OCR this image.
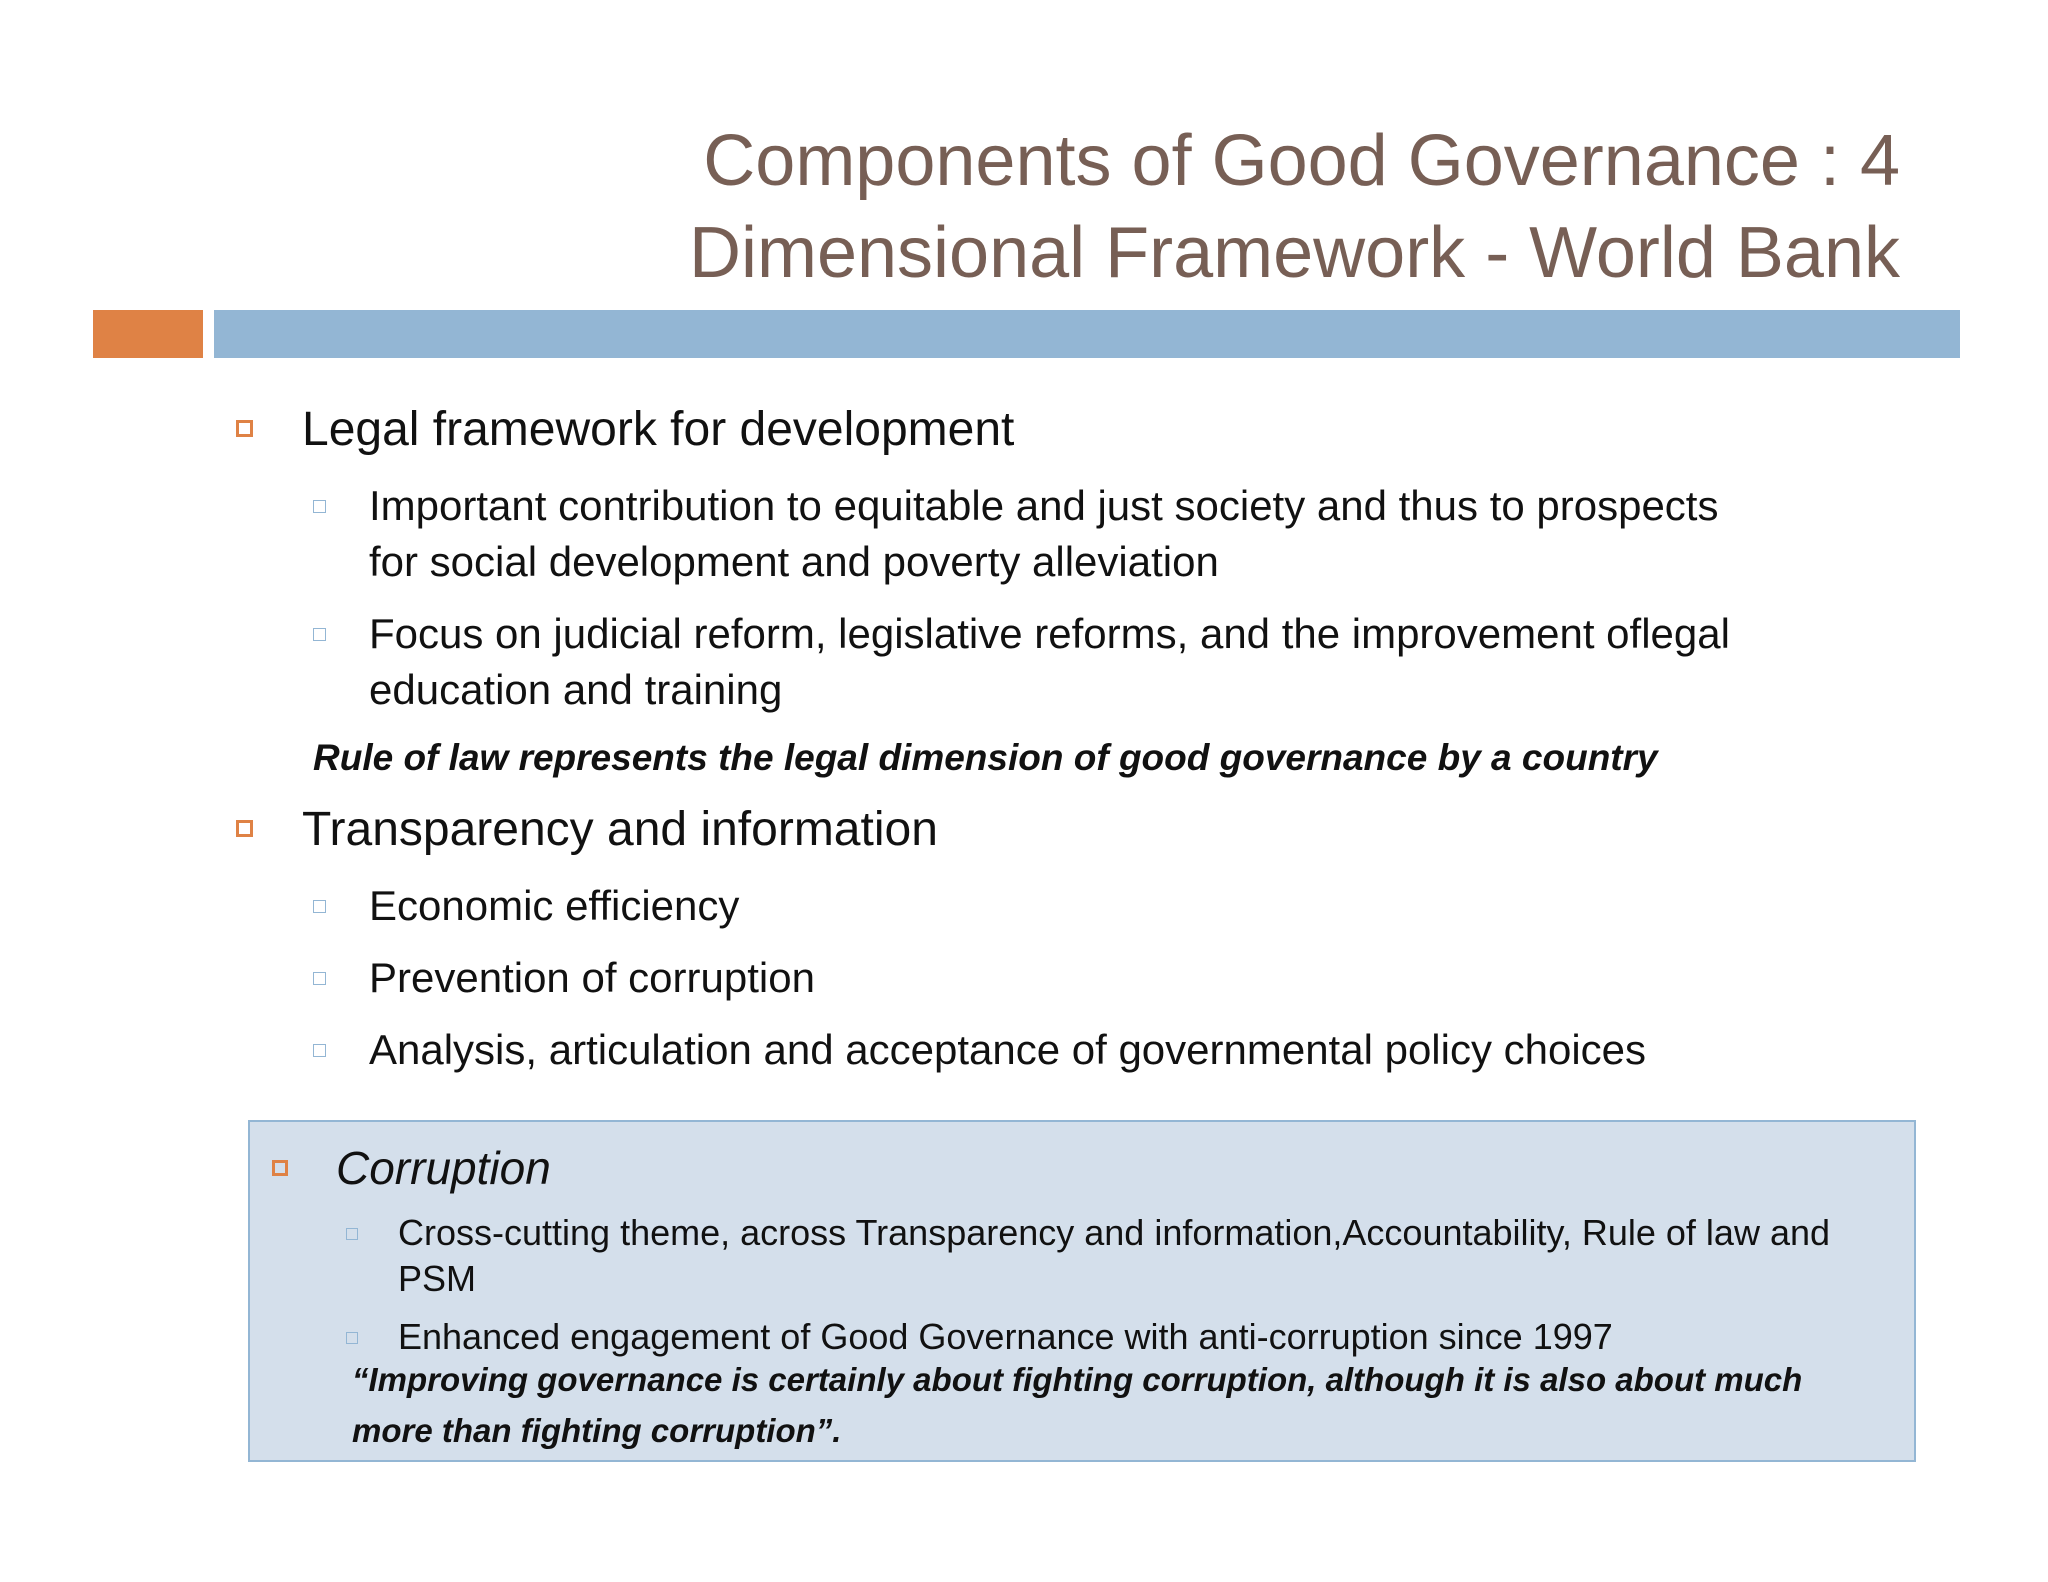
Components of Good Governance : 4 Dimensional Framework - World Bank
Legal framework for development
Important contribution to equitable and just society and thus to prospects for social development and poverty alleviation
Focus on judicial reform, legislative reforms, and the improvement oflegal education and training
Rule of law represents the legal dimension of good governance by a country
Transparency and information
Economic efficiency
Prevention of corruption
Analysis, articulation and acceptance of governmental policy choices
Corruption
Cross-cutting theme, across Transparency and information,Accountability, Rule of law and PSM
Enhanced engagement of Good Governance with anti-corruption since 1997
“Improving governance is certainly about fighting corruption, although it is also about much more than fighting corruption”.
